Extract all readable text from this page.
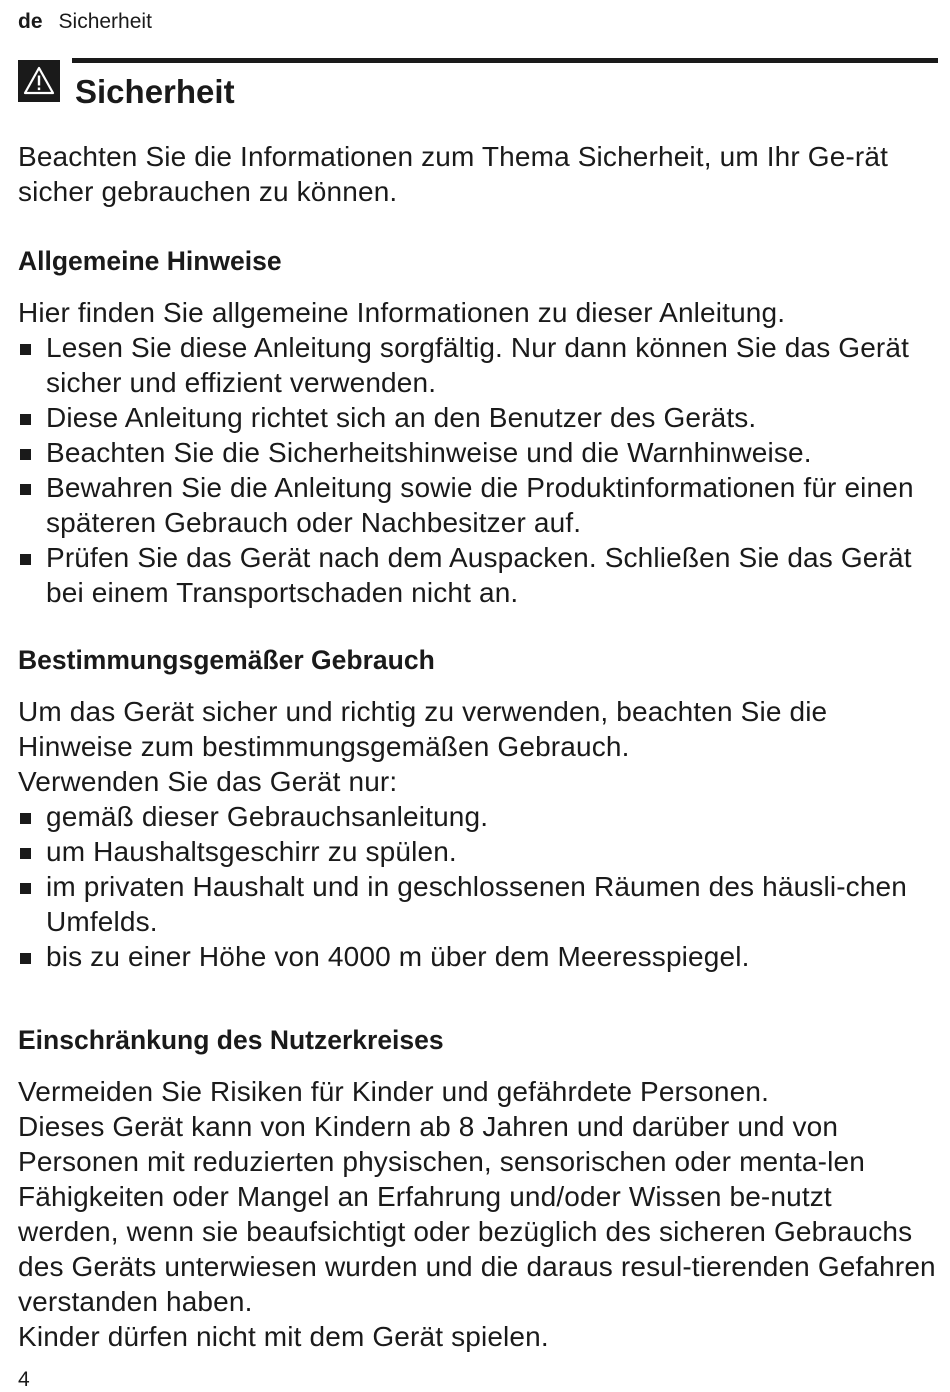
de Sicherheit
Sicherheit

Beachten Sie die Informationen zum Thema Sicherheit, um Ihr Ge-rät sicher gebrauchen zu können.

Allgemeine Hinweise

Hier finden Sie allgemeine Informationen zu dieser Anleitung.

Lesen Sie diese Anleitung sorgfältig. Nur dann können Sie das Gerät sicher und effizient verwenden.
Diese Anleitung richtet sich an den Benutzer des Geräts.
Beachten Sie die Sicherheitshinweise und die Warnhinweise.
Bewahren Sie die Anleitung sowie die Produktinformationen für einen späteren Gebrauch oder Nachbesitzer auf.
Prüfen Sie das Gerät nach dem Auspacken. Schließen Sie das Gerät bei einem Transportschaden nicht an.
Bestimmungsgemäßer Gebrauch

Um das Gerät sicher und richtig zu verwenden, beachten Sie die Hinweise zum bestimmungsgemäßen Gebrauch.

Verwenden Sie das Gerät nur:

gemäß dieser Gebrauchsanleitung.
um Haushaltsgeschirr zu spülen.
im privaten Haushalt und in geschlossenen Räumen des häusli-chen Umfelds.
bis zu einer Höhe von 4000 m über dem Meeresspiegel.
Einschränkung des Nutzerkreises

Vermeiden Sie Risiken für Kinder und gefährdete Personen.

Dieses Gerät kann von Kindern ab 8 Jahren und darüber und von Personen mit reduzierten physischen, sensorischen oder menta-len Fähigkeiten oder Mangel an Erfahrung und/oder Wissen be-nutzt werden, wenn sie beaufsichtigt oder bezüglich des sicheren Gebrauchs des Geräts unterwiesen wurden und die daraus resul-tierenden Gefahren verstanden haben.

Kinder dürfen nicht mit dem Gerät spielen.

4
